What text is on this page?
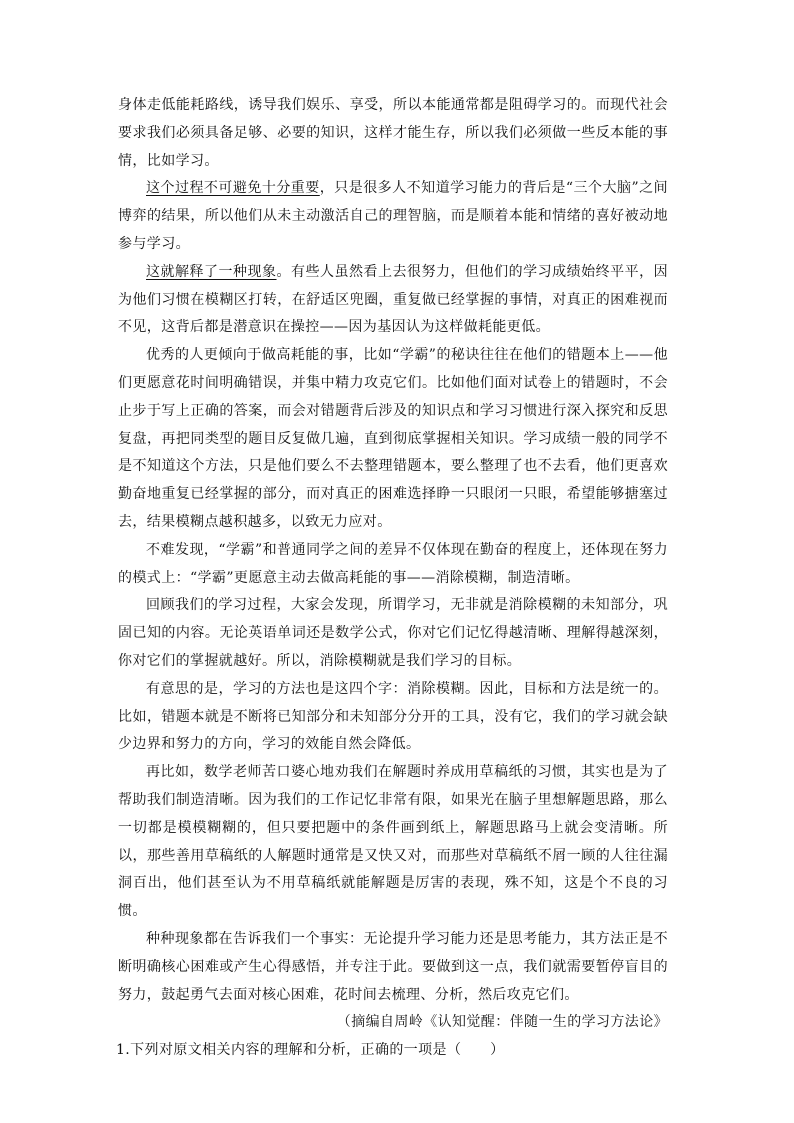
身体走低能耗路线，诱导我们娱乐、享受，所以本能通常都是阻碍学习的。而现代社会要求我们必须具备足够、必要的知识，这样才能生存，所以我们必须做一些反本能的事情，比如学习。

这个过程不可避免十分重要，只是很多人不知道学习能力的背后是“三个大脑”之间博弈的结果，所以他们从未主动激活自己的理智脑，而是顺着本能和情绪的喜好被动地参与学习。

这就解释了一种现象。有些人虽然看上去很努力，但他们的学习成绩始终平平，因为他们习惯在模糊区打转，在舒适区兜圈，重复做已经掌握的事情，对真正的困难视而不见，这背后都是潜意识在操控——因为基因认为这样做耗能更低。

优秀的人更倾向于做高耗能的事，比如“学霸”的秘诀往往在他们的错题本上——他们更愿意花时间明确错误，并集中精力攻克它们。比如他们面对试卷上的错题时，不会止步于写上正确的答案，而会对错题背后涉及的知识点和学习习惯进行深入探究和反思复盘，再把同类型的题目反复做几遍，直到彻底掌握相关知识。学习成绩一般的同学不是不知道这个方法，只是他们要么不去整理错题本，要么整理了也不去看，他们更喜欢勤奋地重复已经掌握的部分，而对真正的困难选择睁一只眼闭一只眼，希望能够搪塞过去，结果模糊点越积越多，以致无力应对。

不难发现，“学霸”和普通同学之间的差异不仅体现在勤奋的程度上，还体现在努力的模式上：“学霸”更愿意主动去做高耗能的事——消除模糊，制造清晰。

回顾我们的学习过程，大家会发现，所谓学习，无非就是消除模糊的未知部分，巩固已知的内容。无论英语单词还是数学公式，你对它们记忆得越清晰、理解得越深刻，你对它们的掌握就越好。所以，消除模糊就是我们学习的目标。

有意思的是，学习的方法也是这四个字：消除模糊。因此，目标和方法是统一的。比如，错题本就是不断将已知部分和未知部分分开的工具，没有它，我们的学习就会缺少边界和努力的方向，学习的效能自然会降低。

再比如，数学老师苦口婆心地劝我们在解题时养成用草稿纸的习惯，其实也是为了帮助我们制造清晰。因为我们的工作记忆非常有限，如果光在脑子里想解题思路，那么一切都是模模糊糊的，但只要把题中的条件画到纸上，解题思路马上就会变清晰。所以，那些善用草稿纸的人解题时通常是又快又对，而那些对草稿纸不屑一顾的人往往漏洞百出，他们甚至认为不用草稿纸就能解题是厉害的表现，殊不知，这是个不良的习惯。

种种现象都在告诉我们一个事实：无论提升学习能力还是思考能力，其方法正是不断明确核心困难或产生心得感悟，并专注于此。要做到这一点，我们就需要暂停盲目的努力，鼓起勇气去面对核心困难，花时间去梳理、分析，然后攻克它们。

（摘编自周岭《认知觉醒：伴随一生的学习方法论》

1.下列对原文相关内容的理解和分析，正确的一项是（　　）
